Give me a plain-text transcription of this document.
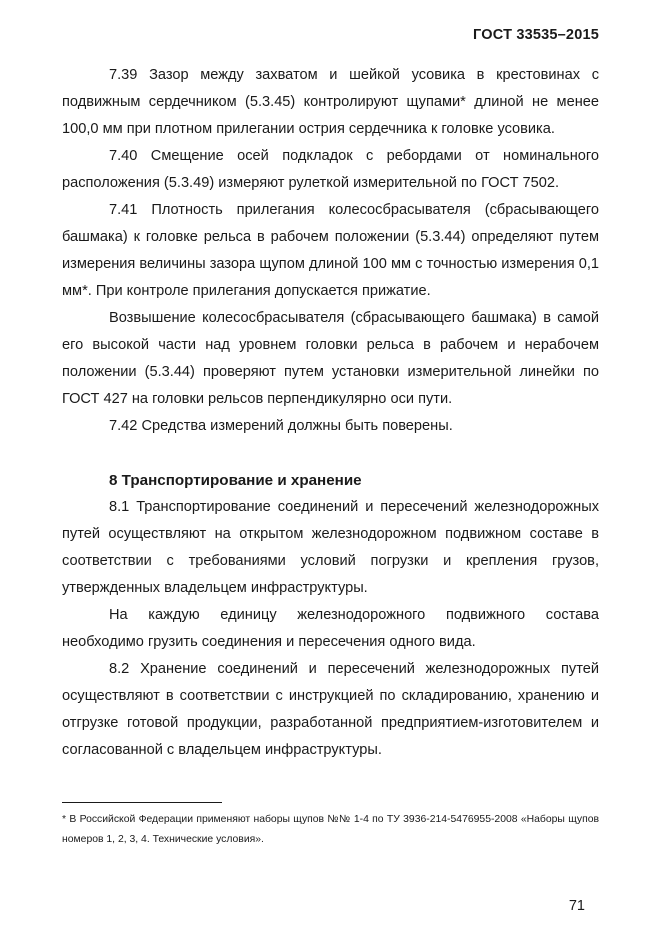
ГОСТ 33535–2015

7.39 Зазор между захватом и шейкой усовика в крестовинах с подвижным сердечником (5.3.45) контролируют щупами* длиной не менее 100,0 мм при плотном прилегании острия сердечника к головке усовика.

7.40 Смещение осей подкладок с ребордами от номинального расположения (5.3.49) измеряют рулеткой измерительной по ГОСТ 7502.

7.41 Плотность прилегания колесосбрасывателя (сбрасывающего башмака) к головке рельса в рабочем положении (5.3.44) определяют путем измерения величины зазора щупом длиной 100 мм с точностью измерения 0,1 мм*. При контроле прилегания допускается прижатие.

Возвышение колесосбрасывателя (сбрасывающего башмака) в самой его высокой части над уровнем головки рельса в рабочем и нерабочем положении (5.3.44) проверяют путем установки измерительной линейки по ГОСТ 427 на головки рельсов перпендикулярно оси пути.

7.42 Средства измерений должны быть поверены.

8 Транспортирование и хранение

8.1 Транспортирование соединений и пересечений железнодорожных путей осуществляют на открытом железнодорожном подвижном составе в соответствии с требованиями условий погрузки и крепления грузов, утвержденных владельцем инфраструктуры.

На каждую единицу железнодорожного подвижного состава необходимо грузить соединения и пересечения одного вида.

8.2 Хранение соединений и пересечений железнодорожных путей осуществляют в соответствии с инструкцией по складированию, хранению и отгрузке готовой продукции, разработанной предприятием-изготовителем и согласованной с владельцем инфраструктуры.

* В Российской Федерации применяют наборы щупов №№ 1-4 по ТУ 3936-214-5476955-2008 «Наборы щупов номеров 1, 2, 3, 4. Технические условия».
71
